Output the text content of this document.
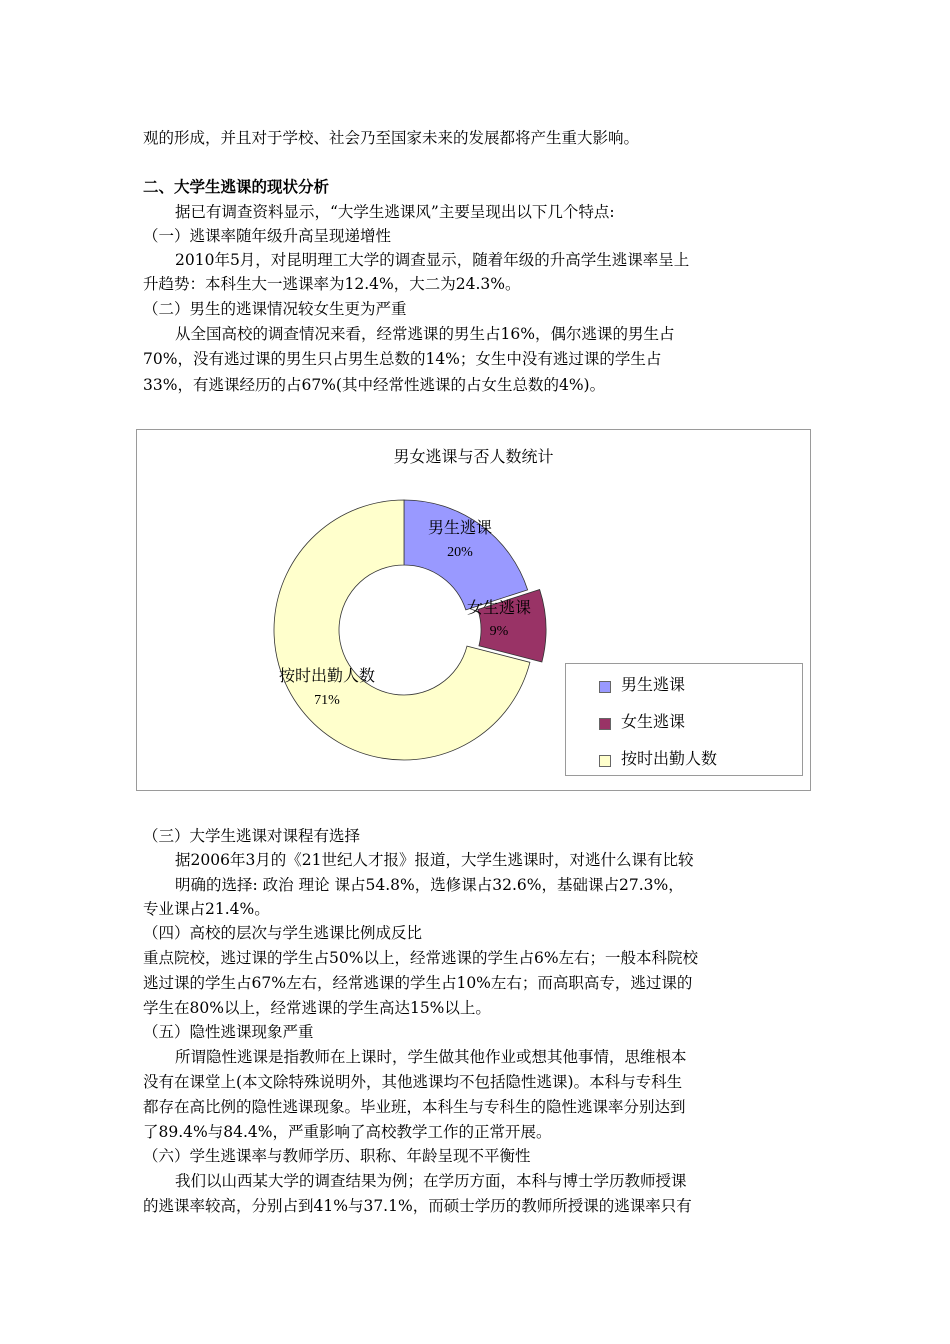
观的形成，并且对于学校、社会乃至国家未来的发展都将产生重大影响。
二、大学生逃课的现状分析
据已有调查资料显示，“大学生逃课风”主要呈现出以下几个特点:
（一）逃课率随年级升高呈现递增性
2010年5月，对昆明理工大学的调查显示，随着年级的升高学生逃课率呈上
升趋势：本科生大一逃课率为12.4%，大二为24.3%。
（二）男生的逃课情况较女生更为严重
从全国高校的调查情况来看，经常逃课的男生占16%，偶尔逃课的男生占
70%，没有逃过课的男生只占男生总数的14%；女生中没有逃过课的学生占
33%，有逃课经历的占67%(其中经常性逃课的占女生总数的4%)。
男女逃课与否人数统计
男生逃课
20%
女生逃课
9%
按时出勤人数
71%
男生逃课
女生逃课
按时出勤人数
（三）大学生逃课对课程有选择
据2006年3月的《21世纪人才报》报道，大学生逃课时，对逃什么课有比较
明确的选择: 政治 理论 课占54.8%，选修课占32.6%，基础课占27.3%，
专业课占21.4%。
（四）高校的层次与学生逃课比例成反比
重点院校，逃过课的学生占50%以上，经常逃课的学生占6%左右；一般本科院校
逃过课的学生占67%左右，经常逃课的学生占10%左右；而高职高专，逃过课的
学生在80%以上，经常逃课的学生高达15%以上。
（五）隐性逃课现象严重
所谓隐性逃课是指教师在上课时，学生做其他作业或想其他事情，思维根本
没有在课堂上(本文除特殊说明外，其他逃课均不包括隐性逃课)。本科与专科生
都存在高比例的隐性逃课现象。毕业班，本科生与专科生的隐性逃课率分别达到
了89.4%与84.4%，严重影响了高校教学工作的正常开展。
（六）学生逃课率与教师学历、职称、年龄呈现不平衡性
我们以山西某大学的调查结果为例；在学历方面，本科与博士学历教师授课
的逃课率较高，分别占到41%与37.1%，而硕士学历的教师所授课的逃课率只有
